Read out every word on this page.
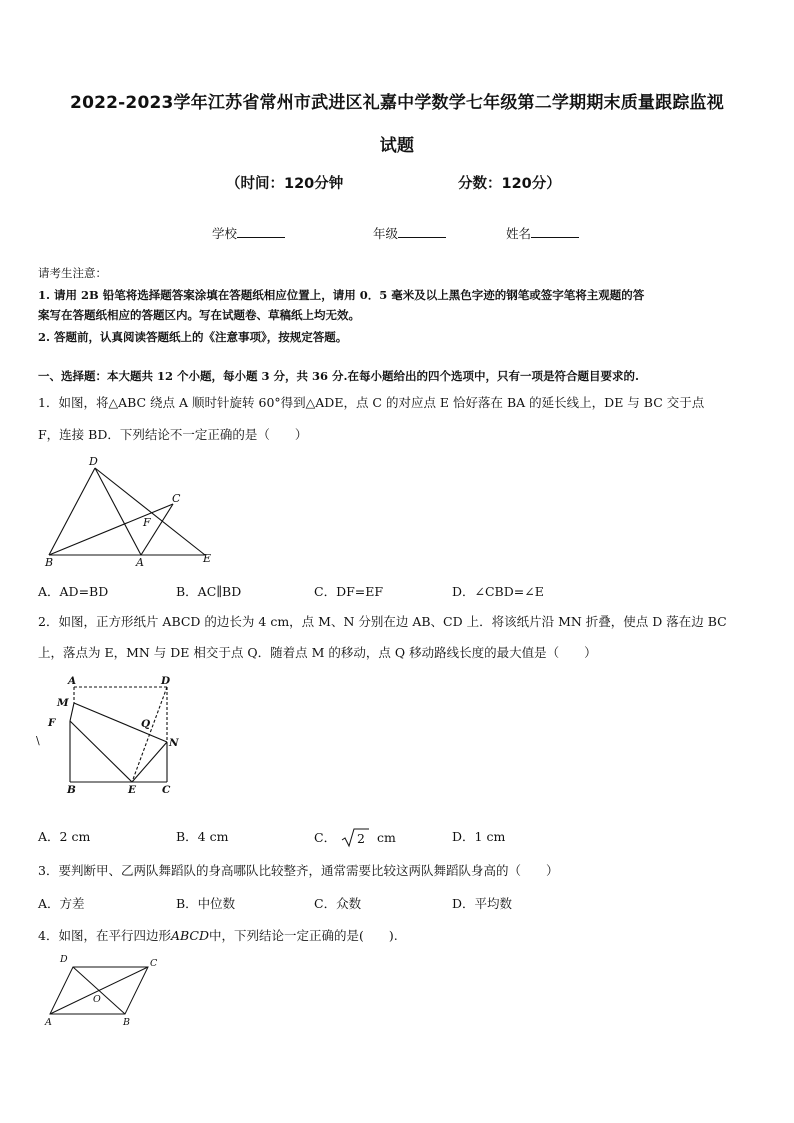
2022-2023学年江苏省常州市武进区礼嘉中学数学七年级第二学期期末质量跟踪监视
试题
（时间：120分钟	分数：120分）
学校	年级	姓名
请考生注意：
1. 请用 2B 铅笔将选择题答案涂填在答题纸相应位置上，请用 0．5 毫米及以上黑色字迹的钢笔或签字笔将主观题的答
案写在答题纸相应的答题区内。写在试题卷、草稿纸上均无效。
2. 答题前，认真阅读答题纸上的《注意事项》，按规定答题。
一、选择题：本大题共 12 个小题，每小题 3 分，共 36 分.在每小题给出的四个选项中，只有一项是符合题目要求的.
1．如图，将△ABC 绕点 A 顺时针旋转 60°得到△ADE，点 C 的对应点 E 恰好落在 BA 的延长线上，DE 与 BC 交于点
F，连接 BD．下列结论不一定正确的是（　　）
D
C
F
B	A	E
A．AD=BD	B．AC∥BD	C．DF=EF	D．∠CBD=∠E
2．如图，正方形纸片 ABCD 的边长为 4 cm，点 M、N 分别在边 AB、CD 上．将该纸片沿 MN 折叠，使点 D 落在边 BC
上，落点为 E，MN 与 DE 相交于点 Q．随着点 M 的移动，点 Q 移动路线长度的最大值是（　　）
A	D
M
F	Q
N
B	E C
\
A．2 cm	B．4 cm	C． 2 cm	D．1 cm
3．要判断甲、乙两队舞蹈队的身高哪队比较整齐，通常需要比较这两队舞蹈队身高的（　　）
A．方差	B．中位数	C．众数	D．平均数
4．如图，在平行四边形ABCD中，下列结论一定正确的是(　　).
D	C
O
A	B
